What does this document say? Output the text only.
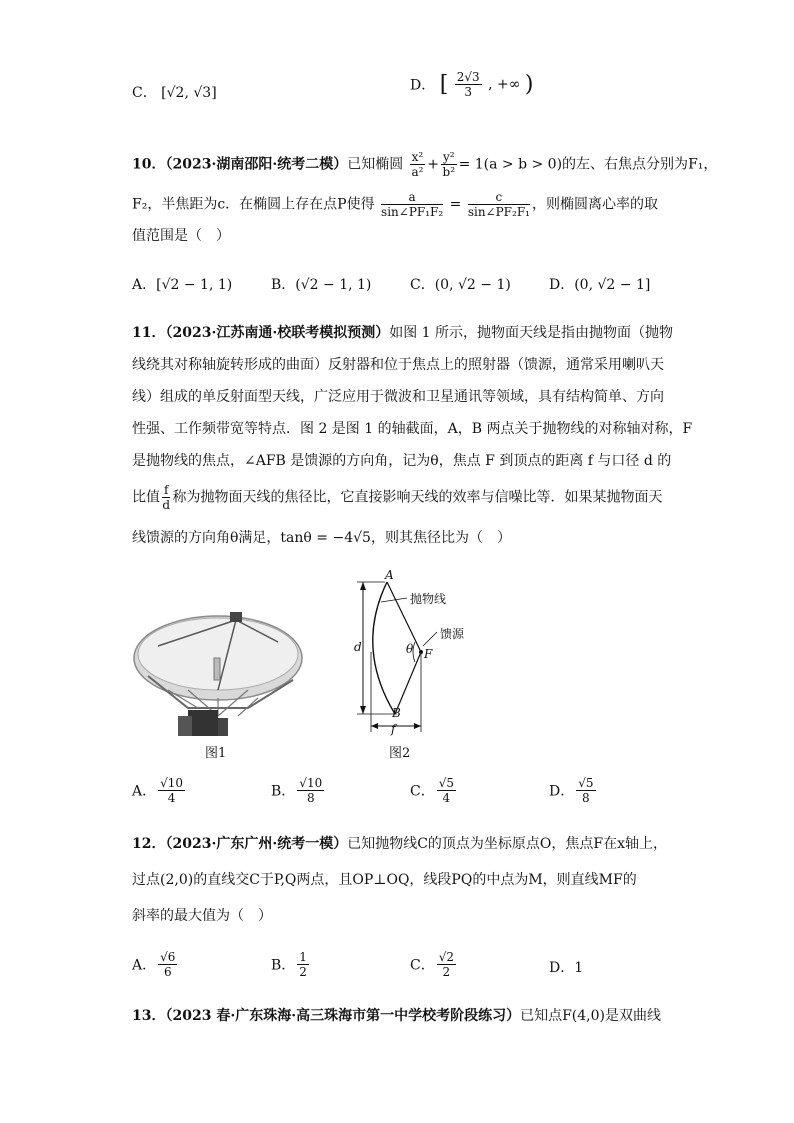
C． [√2, √3]	D． [ $\frac{2√3}{3}$ , +∞ )
10．（2023·湖南邵阳·统考二模）已知椭圆 $\frac{\text{x²}}{\text{a²}} + \frac{\text{y²}}{\text{b²}} = 1(a > b > 0)$的左、右焦点分别为F₁，
F₂，半焦距为c．在椭圆上存在点P使得 $\frac{a}{\text{sin∠PF₁F₂}} = \frac{c}{\text{sin∠PF₂F₁}}$ ，则椭圆离心率的取
值范围是（　）
A．[√2 − 1, 1)	B．(√2 − 1, 1)	C．(0, √2 − 1)	D．(0, √2 − 1]
11．（2023·江苏南通·校联考模拟预测）如图 1 所示，抛物面天线是指由抛物面（抛物
线绕其对称轴旋转形成的曲面）反射器和位于焦点上的照射器（馈源，通常采用喇叭天
线）组成的单反射面型天线，广泛应用于微波和卫星通讯等领域，具有结构简单、方向
性强、工作频带宽等特点．图 2 是图 1 的轴截面，A，B 两点关于抛物线的对称轴对称，F
是抛物线的焦点，∠AFB 是馈源的方向角，记为θ，焦点 F 到顶点的距离 f 与口径 d 的
比值 $\frac{f}{d}$ 称为抛物面天线的焦径比，它直接影响天线的效率与信噪比等．如果某抛物面天
线馈源的方向角θ满足，tanθ = −4√5，则其焦径比为（　）
图1
A
B
F
d
f
θ
抛物线
馈源
图2
A． $\frac{√10}{4}$	B． $\frac{√10}{8}$	C． $\frac{√5}{4}$	D． $\frac{√5}{8}$
12．（2023·广东广州·统考一模）已知抛物线C的顶点为坐标原点O，焦点F在x轴上，
过点(2,0)的直线交C于P,Q两点，且OP⊥OQ，线段PQ的中点为M，则直线MF的
斜率的最大值为（　）
A． $\frac{√6}{6}$	B． $\frac{1}{2}$	C． $\frac{√2}{2}$	D．1
13．（2023 春·广东珠海·高三珠海市第一中学校考阶段练习）已知点F(4,0)是双曲线
